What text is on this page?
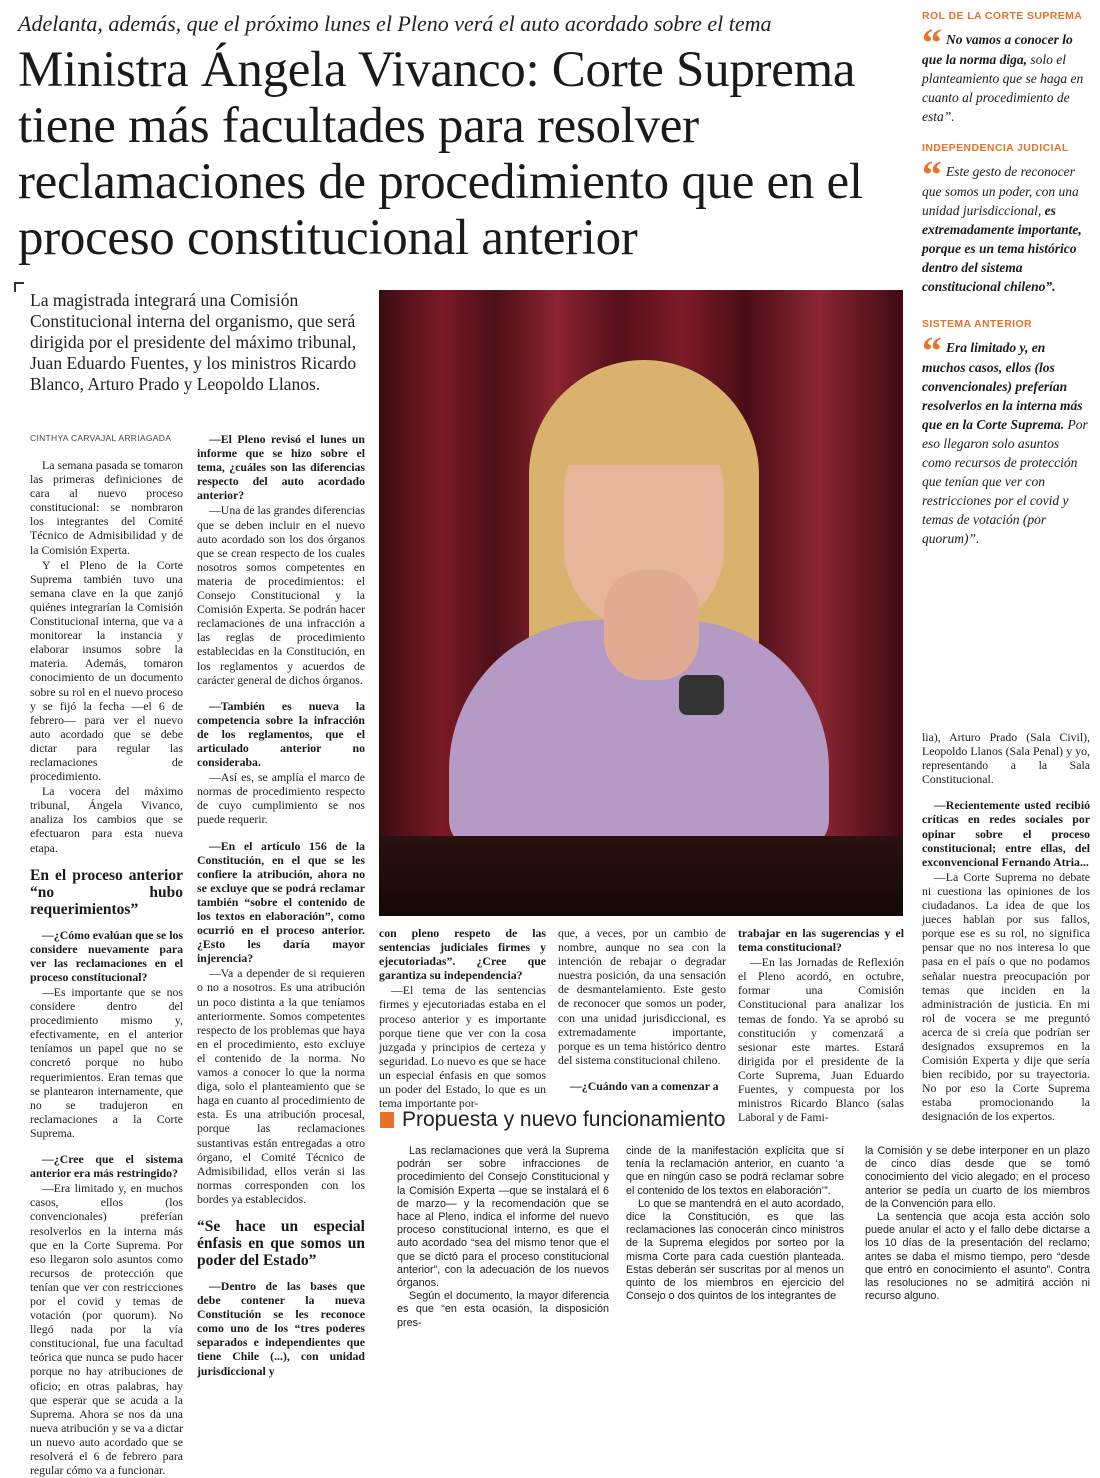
Adelanta, además, que el próximo lunes el Pleno verá el auto acordado sobre el tema
Ministra Ángela Vivanco: Corte Suprema tiene más facultades para resolver reclamaciones de procedimiento que en el proceso constitucional anterior
La magistrada integrará una Comisión Constitucional interna del organismo, que será dirigida por el presidente del máximo tribunal, Juan Eduardo Fuentes, y los ministros Ricardo Blanco, Arturo Prado y Leopoldo Llanos.
CINTHYA CARVAJAL ARRIAGADA

La semana pasada se tomaron las primeras definiciones de cara al nuevo proceso constitucional: se nombraron los integrantes del Comité Técnico de Admisibilidad y de la Comisión Experta.

Y el Pleno de la Corte Suprema también tuvo una semana clave en la que zanjó quiénes integrarían la Comisión Constitucional interna, que va a monitorear la instancia y elaborar insumos sobre la materia. Además, tomaron conocimiento de un documento sobre su rol en el nuevo proceso y se fijó la fecha —el 6 de febrero— para ver el nuevo auto acordado que se debe dictar para regular las reclamaciones de procedimiento.

La vocera del máximo tribunal, Ángela Vivanco, analiza los cambios que se efectuaron para esta nueva etapa.

En el proceso anterior “no hubo requerimientos”

—¿Cómo evalúan que se los considere nuevamente para ver las reclamaciones en el proceso constitucional?

—Es importante que se nos considere dentro del procedimiento mismo y, efectivamente, en el anterior teníamos un papel que no se concretó porque no hubo requerimientos. Eran temas que se plantearon internamente, que no se tradujeron en reclamaciones a la Corte Suprema.

—¿Cree que el sistema anterior era más restringido?

—Era limitado y, en muchos casos, ellos (los convencionales) preferían resolverlos en la interna más que en la Corte Suprema. Por eso llegaron solo asuntos como recursos de protección que tenían que ver con restricciones por el covid y temas de votación (por quorum). No llegó nada por la vía constitucional, fue una facultad teórica que nunca se pudo hacer porque no hay atribuciones de oficio; en otras palabras, hay que esperar que se acuda a la Suprema. Ahora se nos da una nueva atribución y se va a dictar un nuevo auto acordado que se resolverá el 6 de febrero para regular cómo va a funcionar.

—El Pleno revisó el lunes un informe que se hizo sobre el tema, ¿cuáles son las diferencias respecto del auto acordado anterior?

—Una de las grandes diferencias que se deben incluir en el nuevo auto acordado son los dos órganos que se crean respecto de los cuales nosotros somos competentes en materia de procedimientos: el Consejo Constitucional y la Comisión Experta. Se podrán hacer reclamaciones de una infracción a las reglas de procedimiento establecidas en la Constitución, en los reglamentos y acuerdos de carácter general de dichos órganos.

—También es nueva la competencia sobre la infracción de los reglamentos, que el articulado anterior no consideraba.

—Así es, se amplía el marco de normas de procedimiento respecto de cuyo cumplimiento se nos puede requerir.

—En el artículo 156 de la Constitución, en el que se les confiere la atribución, ahora no se excluye que se podrá reclamar también “sobre el contenido de los textos en elaboración”, como ocurrió en el proceso anterior. ¿Esto les daría mayor injerencia?

—Va a depender de si requieren o no a nosotros. Es una atribución un poco distinta a la que teníamos anteriormente. Somos competentes respecto de los problemas que haya en el procedimiento, esto excluye el contenido de la norma. No vamos a conocer lo que la norma diga, solo el planteamiento que se haga en cuanto al procedimiento de esta. Es una atribución procesal, porque las reclamaciones sustantivas están entregadas a otro órgano, el Comité Técnico de Admisibilidad, ellos verán si las normas corresponden con los bordes ya establecidos.

“Se hace un especial énfasis en que somos un poder del Estado”

—Dentro de las bases que debe contener la nueva Constitución se les reconoce como uno de los “tres poderes separados e independientes que tiene Chile (...), con unidad jurisdiccional y

con pleno respeto de las sentencias judiciales firmes y ejecutoriadas”. ¿Cree que garantiza su independencia?

—El tema de las sentencias firmes y ejecutoriadas estaba en el proceso anterior y es importante porque tiene que ver con la cosa juzgada y principios de certeza y seguridad. Lo nuevo es que se hace un especial énfasis en que somos un poder del Estado, lo que es un tema importante por-

que, a veces, por un cambio de nombre, aunque no sea con la intención de rebajar o degradar nuestra posición, da una sensación de desmantelamiento. Este gesto de reconocer que somos un poder, con una unidad jurisdiccional, es extremadamente importante, porque es un tema histórico dentro del sistema constitucional chileno.

—¿Cuándo van a comenzar a

trabajar en las sugerencias y el tema constitucional?

—En las Jornadas de Reflexión el Pleno acordó, en octubre, formar una Comisión Constitucional para analizar los temas de fondo. Ya se aprobó su constitución y comenzará a sesionar este martes. Estará dirigida por el presidente de la Corte Suprema, Juan Eduardo Fuentes, y compuesta por los ministros Ricardo Blanco (salas Laboral y de Fami-

lia), Arturo Prado (Sala Civil), Leopoldo Llanos (Sala Penal) y yo, representando a la Sala Constitucional.

—Recientemente usted recibió críticas en redes sociales por opinar sobre el proceso constitucional; entre ellas, del exconvencional Fernando Atria...

—La Corte Suprema no debate ni cuestiona las opiniones de los ciudadanos. La idea de que los jueces hablan por sus fallos, porque ese es su rol, no significa pensar que no nos interesa lo que pasa en el país o que no podamos señalar nuestra preocupación por temas que inciden en la administración de justicia. En mi rol de vocera se me preguntó acerca de si creía que podrían ser designados exsupremos en la Comisión Experta y dije que sería bien recibido, por su trayectoria. No por eso la Corte Suprema estaba promocionando la designación de los expertos.

ROL DE LA CORTE SUPREMA
“ No vamos a conocer lo que la norma diga, solo el planteamiento que se haga en cuanto al procedimiento de esta”.
INDEPENDENCIA JUDICIAL
“ Este gesto de reconocer que somos un poder, con una unidad jurisdiccional, es extremadamente importante, porque es un tema histórico dentro del sistema constitucional chileno”.
SISTEMA ANTERIOR
“ Era limitado y, en muchos casos, ellos (los convencionales) preferían resolverlos en la interna más que en la Corte Suprema. Por eso llegaron solo asuntos como recursos de protección que tenían que ver con restricciones por el covid y temas de votación (por quorum)”.
Propuesta y nuevo funcionamiento

Las reclamaciones que verá la Suprema podrán ser sobre infracciones de procedimiento del Consejo Constitucional y la Comisión Experta —que se instalará el 6 de marzo— y la recomendación que se hace al Pleno, indica el informe del nuevo proceso constitucional interno, es que el auto acordado “sea del mismo tenor que el que se dictó para el proceso constitucional anterior”, con la adecuación de los nuevos órganos.

Según el documento, la mayor diferencia es que “en esta ocasión, la disposición pres-

cinde de la manifestación explícita que sí tenía la reclamación anterior, en cuanto ‘a que en ningún caso se podrá reclamar sobre el contenido de los textos en elaboración’”.

Lo que se mantendrá en el auto acordado, dice la Constitución, es que las reclamaciones las conocerán cinco ministros de la Suprema elegidos por sorteo por la misma Corte para cada cuestión planteada. Estas deberán ser suscritas por al menos un quinto de los miembros en ejercicio del Consejo o dos quintos de los integrantes de

la Comisión y se debe interponer en un plazo de cinco días desde que se tomó conocimiento del vicio alegado; en el proceso anterior se pedía un cuarto de los miembros de la Convención para ello.

La sentencia que acoja esta acción solo puede anular el acto y el fallo debe dictarse a los 10 días de la presentación del reclamo; antes se daba el mismo tiempo, pero “desde que entró en conocimiento el asunto”. Contra las resoluciones no se admitirá acción ni recurso alguno.
